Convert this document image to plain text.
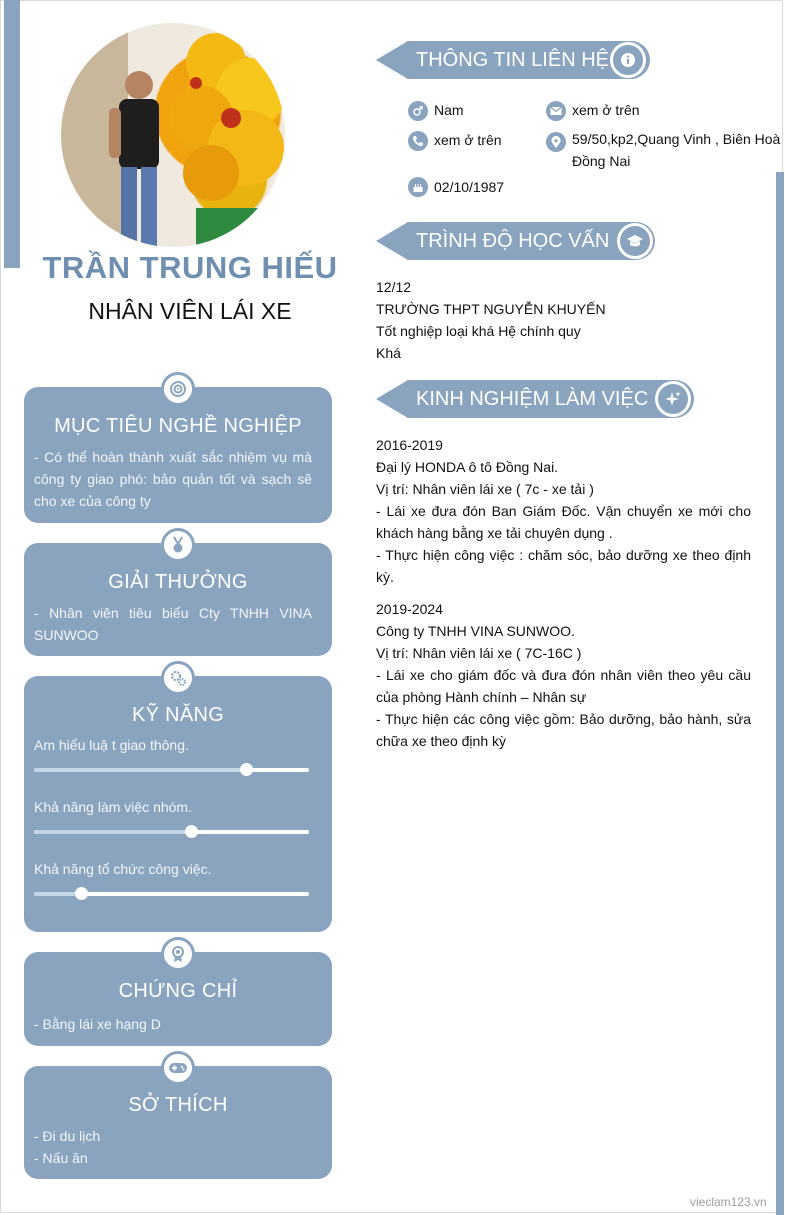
TRẦN TRUNG HIẾU
NHÂN VIÊN LÁI XE
MỤC TIÊU NGHỀ NGHIỆP
- Có thể hoàn thành xuất sắc nhiệm vụ mà công ty giao phó: bảo quản tốt và sạch sẽ cho xe của công ty
GIẢI THƯỞNG
- Nhân viên tiêu biểu Cty TNHH VINA SUNWOO
KỸ NĂNG
Am hiểu luậ t giao thông.
Khả năng làm việc nhóm.
Khả năng tổ chức công việc.
CHỨNG CHỈ
- Bằng lái xe hạng D
SỞ THÍCH
- Đi du lịch
- Nấu ăn
THÔNG TIN LIÊN HỆ
Nam	xem ở trên
xem ở trên	59/50,kp2,Quang Vinh , Biên Hoà Đồng Nai
02/10/1987
TRÌNH ĐỘ HỌC VẤN

12/12

TRƯỜNG THPT NGUYỄN KHUYẾN

Tốt nghiệp loại khá Hệ chính quy

Khá

KINH NGHIỆM LÀM VIỆC

2016-2019

Đại lý HONDA ô tô Đồng Nai.

Vị trí: Nhân viên lái xe ( 7c - xe tải )

- Lái xe đưa đón Ban Giám Đốc. Vận chuyển xe mới cho khách hàng bằng xe tải chuyên dụng .

- Thực hiện công việc : chăm sóc, bảo dưỡng xe theo định kỳ.

2019-2024

Công ty TNHH VINA SUNWOO.

Vị trí: Nhân viên lái xe ( 7C-16C )

- Lái xe cho giám đốc và đưa đón nhân viên theo yêu cầu của phòng Hành chính – Nhân sự

- Thực hiện các công việc gồm: Bảo dưỡng, bảo hành, sửa chữa xe theo định kỳ

vieclam123.vn
